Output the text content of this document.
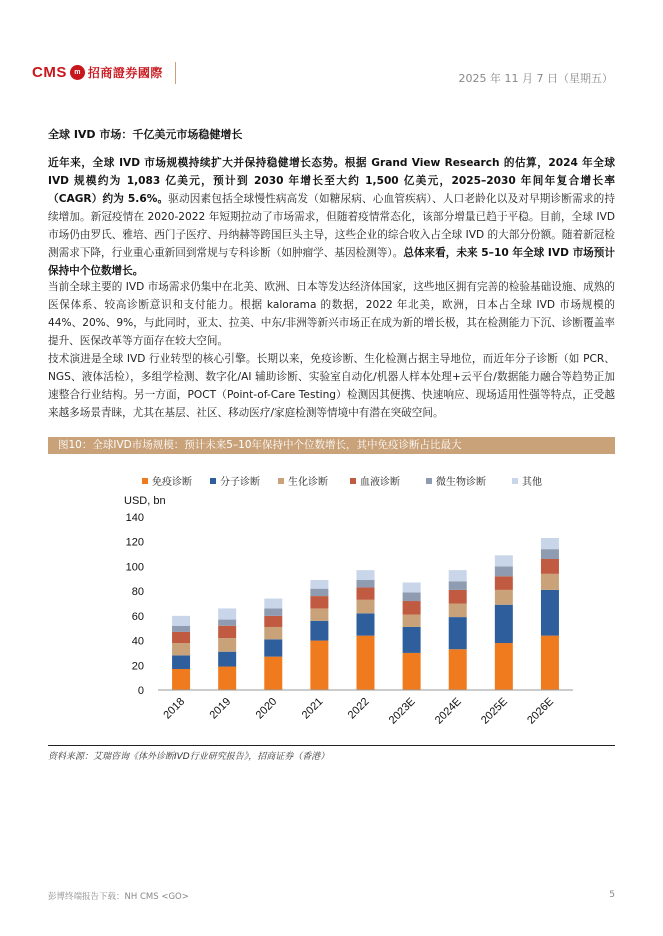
CMS	m 招商證券國際	2025 年 11 月 7 日（星期五）
全球 IVD 市场：千亿美元市场稳健增长
近年来，全球 IVD 市场规模持续扩大并保持稳健增长态势。根据 Grand View Research 的估算，2024 年全球 IVD 规模约为 1,083 亿美元，预计到 2030 年增长至大约 1,500 亿美元，2025–2030 年间年复合增长率（CAGR）约为 5.6%。驱动因素包括全球慢性病高发（如糖尿病、心血管疾病）、人口老龄化以及对早期诊断需求的持续增加。新冠疫情在 2020-2022 年短期拉动了市场需求，但随着疫情常态化，该部分增量已趋于平稳。目前，全球 IVD 市场仍由罗氏、雅培、西门子医疗、丹纳赫等跨国巨头主导，这些企业的综合收入占全球 IVD 的大部分份额。随着新冠检测需求下降，行业重心重新回到常规与专科诊断（如肿瘤学、基因检测等）。总体来看，未来 5–10 年全球 IVD 市场预计保持中个位数增长。
当前全球主要的 IVD 市场需求仍集中在北美、欧洲、日本等发达经济体国家，这些地区拥有完善的检验基础设施、成熟的医保体系、较高诊断意识和支付能力。根据 kalorama 的数据，2022 年北美，欧洲，日本占全球 IVD 市场规模的 44%、20%、9%，与此同时，亚太、拉美、中东/非洲等新兴市场正在成为新的增长极，其在检测能力下沉、诊断覆盖率提升、医保改革等方面存在较大空间。
技术演进是全球 IVD 行业转型的核心引擎。长期以来，免疫诊断、生化检测占据主导地位，而近年分子诊断（如 PCR、NGS、液体活检），多组学检测、数字化/AI 辅助诊断、实验室自动化/机器人样本处理+云平台/数据能力融合等趋势正加速整合行业结构。另一方面，POCT（Point-of-Care Testing）检测因其便携、快速响应、现场适用性强等特点，正受越来越多场景青睐，尤其在基层、社区、移动医疗/家庭检测等情境中有潜在突破空间。
图10：全球IVD市场规模：预计未来5–10年保持中个位数增长，其中免疫诊断占比最大
免疫诊断	分子诊断	生化诊断	血液诊断	微生物诊断	其他
USD, bn
0
20
40
60
80
100
120
140
2018 2019 2020 2021 2022 2023E 2024E 2025E 2026E
资料来源：艾瑞咨询《体外诊断IVD行业研究报告》，招商证券（香港）
彭博终端报告下载：NH CMS <GO>	5
